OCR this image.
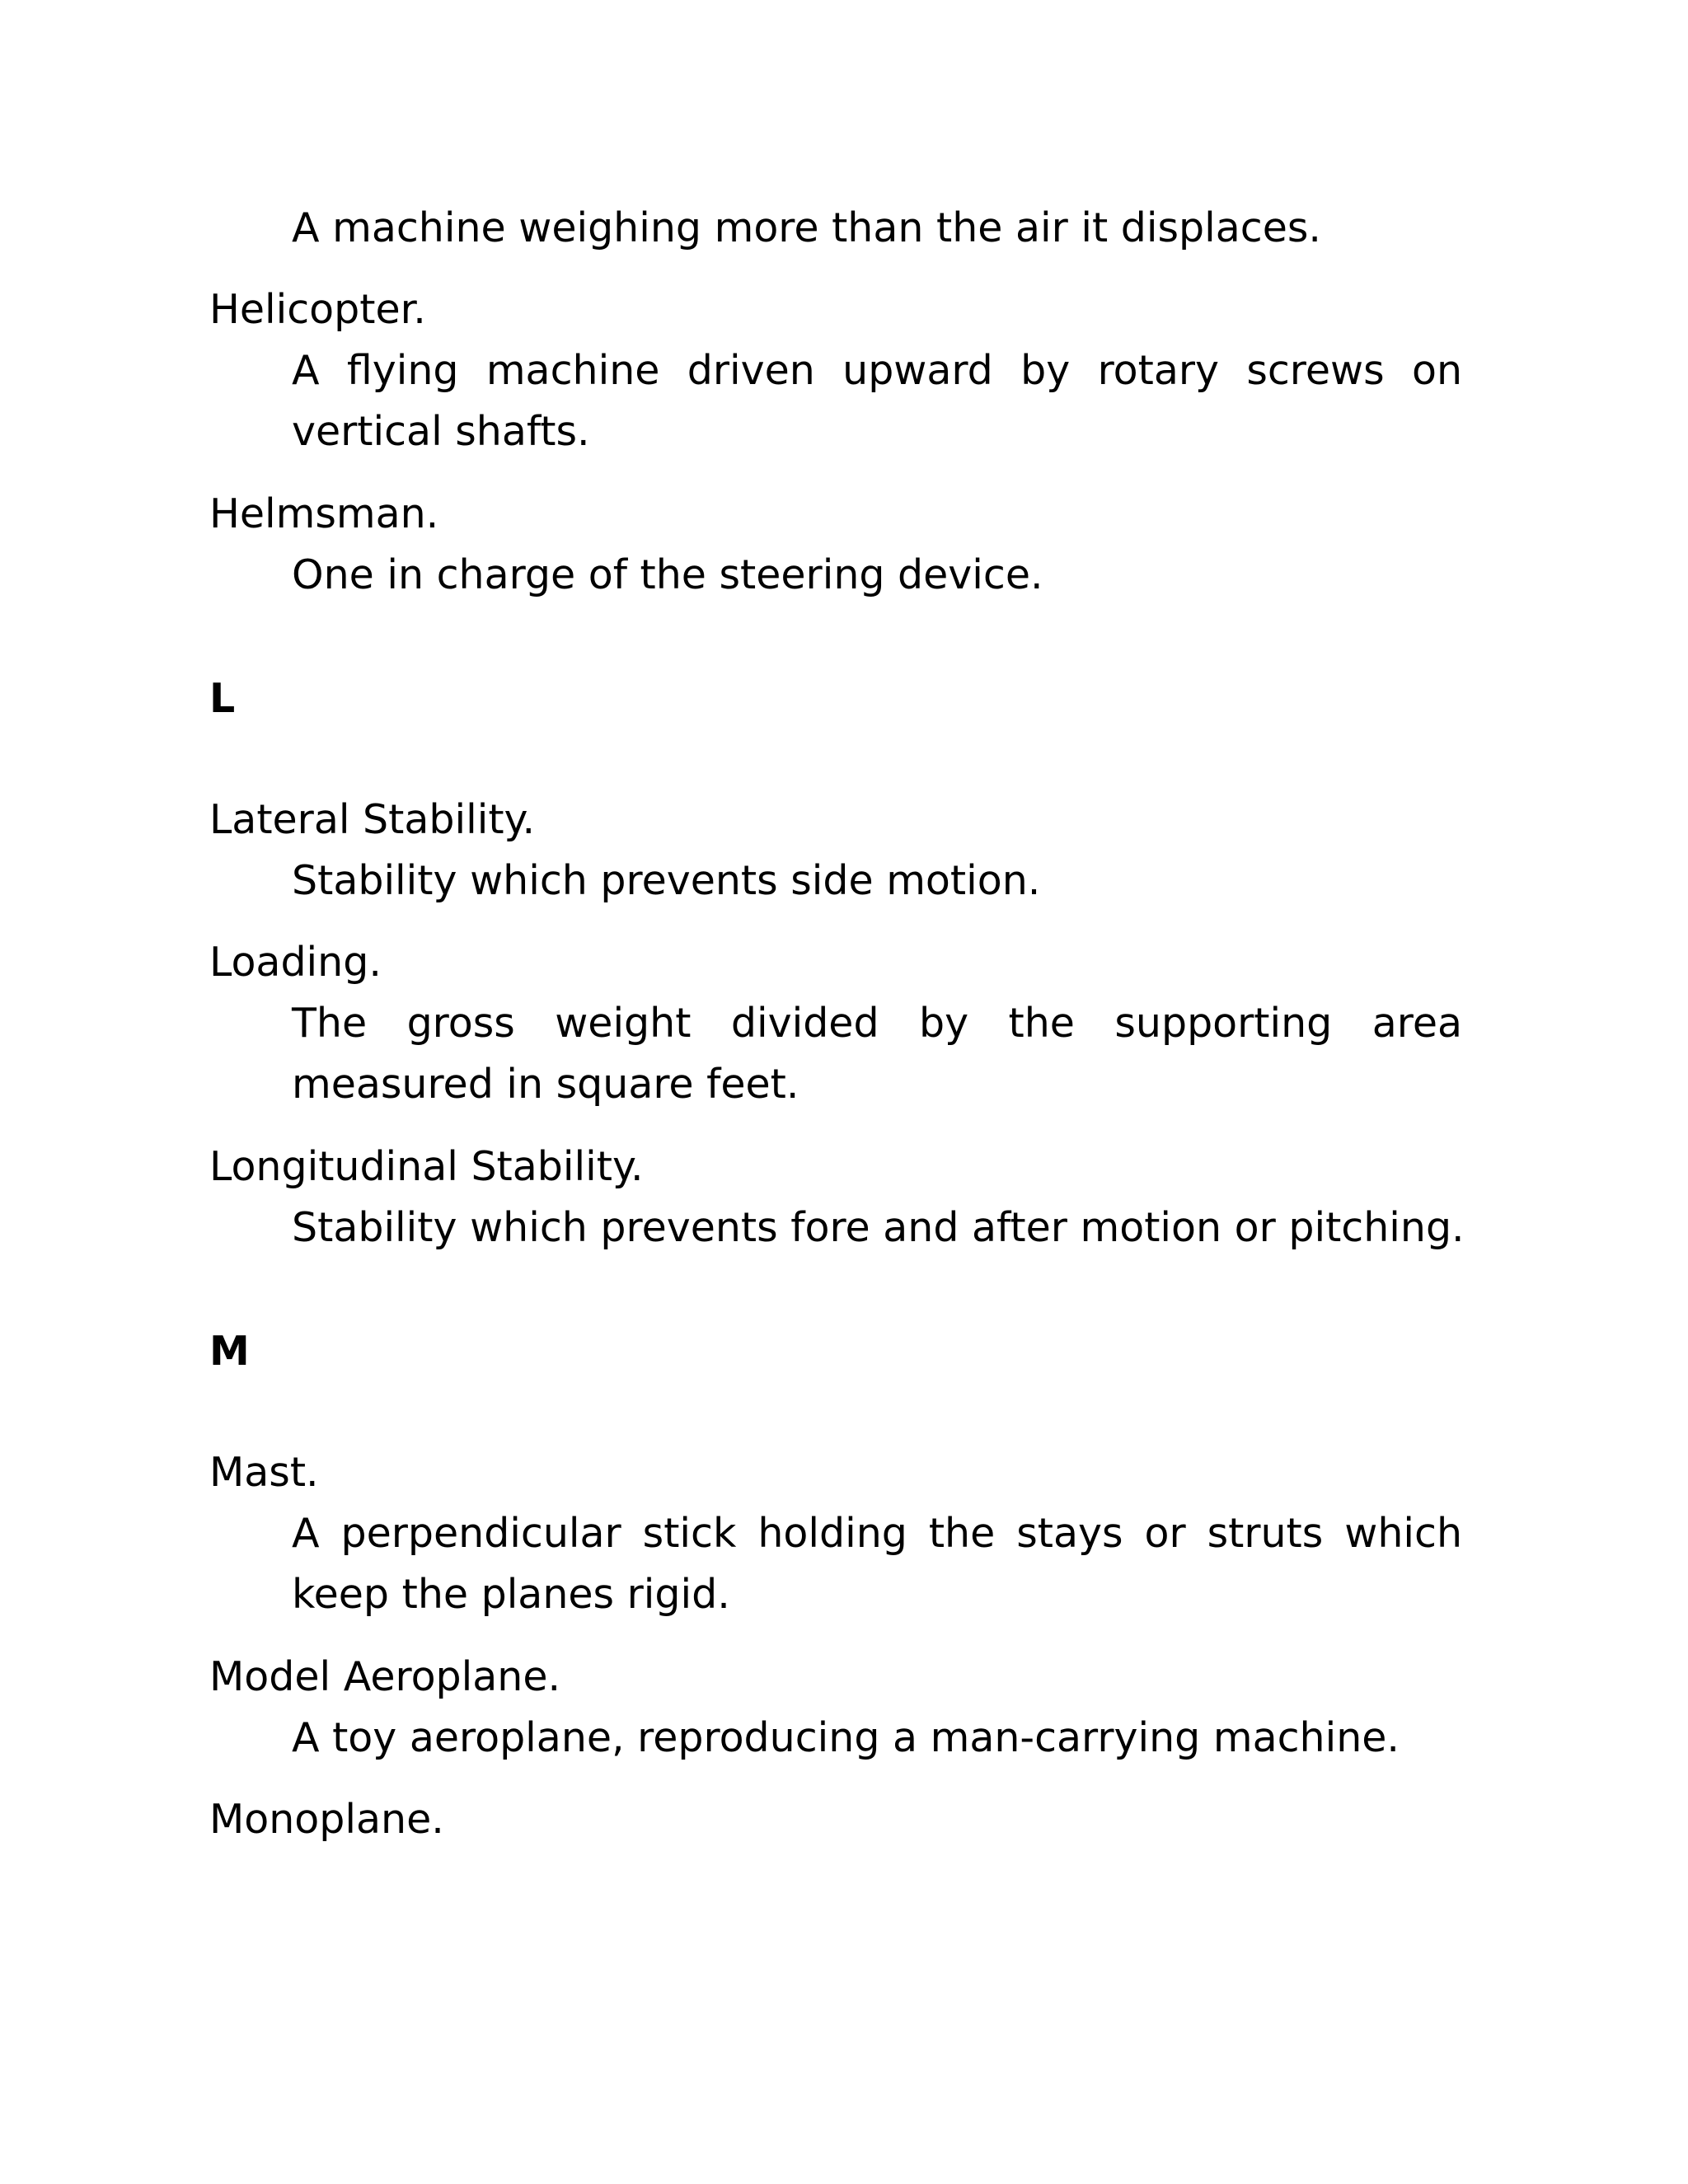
A machine weighing more than the air it displaces.
Helicopter.
A flying machine driven upward by rotary screws on vertical shafts.
Helmsman.
One in charge of the steering device.
L
Lateral Stability.
Stability which prevents side motion.
Loading.
The gross weight divided by the supporting area measured in square feet.
Longitudinal Stability.
Stability which prevents fore and after motion or pitching.
M
Mast.
A perpendicular stick holding the stays or struts which keep the planes rigid.
Model Aeroplane.
A toy aeroplane, reproducing a man-carrying machine.
Monoplane.
